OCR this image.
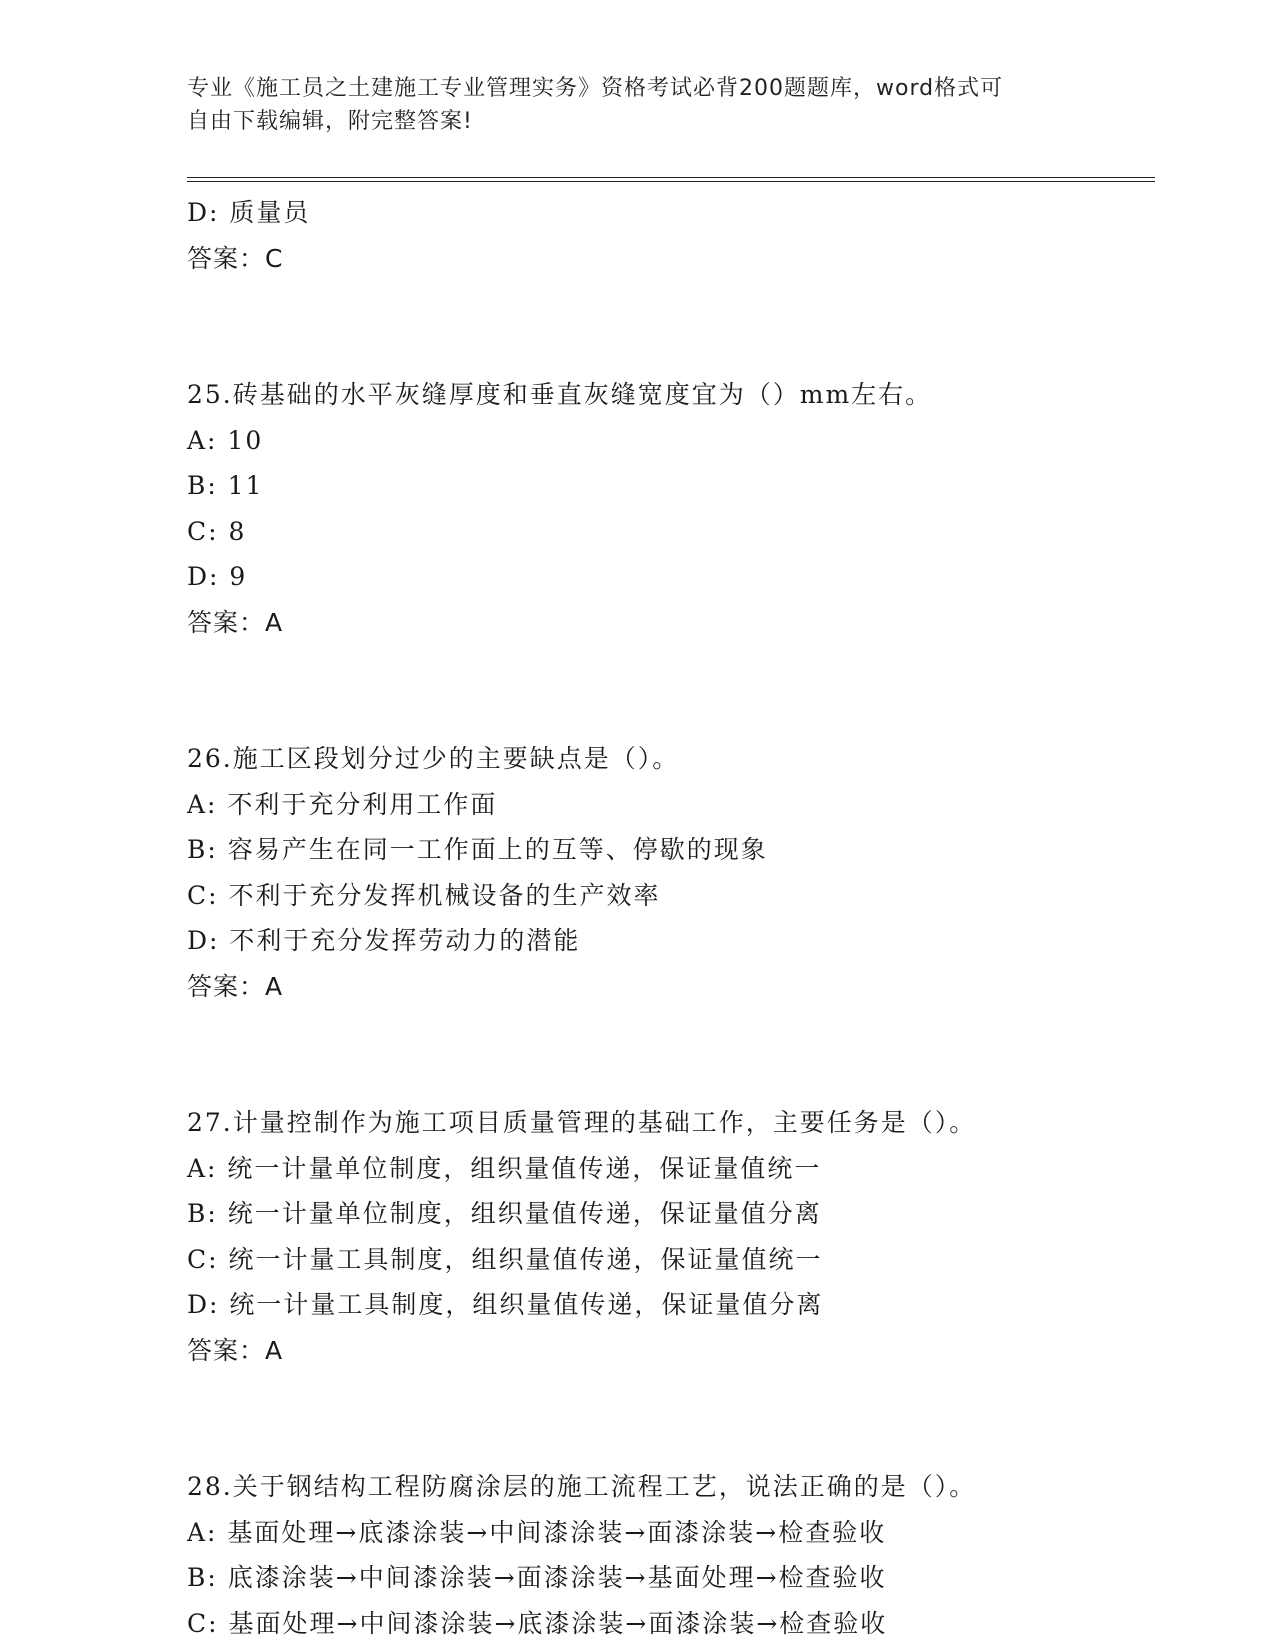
专业《施工员之土建施工专业管理实务》资格考试必背200题题库，word格式可
自由下载编辑，附完整答案!
D: 质量员
答案：C
25.砖基础的水平灰缝厚度和垂直灰缝宽度宜为（）mm左右。
A: 10
B: 11
C: 8
D: 9
答案：A
26.施工区段划分过少的主要缺点是（）。
A: 不利于充分利用工作面
B: 容易产生在同一工作面上的互等、停歇的现象
C: 不利于充分发挥机械设备的生产效率
D: 不利于充分发挥劳动力的潜能
答案：A
27.计量控制作为施工项目质量管理的基础工作，主要任务是（）。
A: 统一计量单位制度，组织量值传递，保证量值统一
B: 统一计量单位制度，组织量值传递，保证量值分离
C: 统一计量工具制度，组织量值传递，保证量值统一
D: 统一计量工具制度，组织量值传递，保证量值分离
答案：A
28.关于钢结构工程防腐涂层的施工流程工艺，说法正确的是（）。
A: 基面处理→底漆涂装→中间漆涂装→面漆涂装→检查验收
B: 底漆涂装→中间漆涂装→面漆涂装→基面处理→检查验收
C: 基面处理→中间漆涂装→底漆涂装→面漆涂装→检查验收
